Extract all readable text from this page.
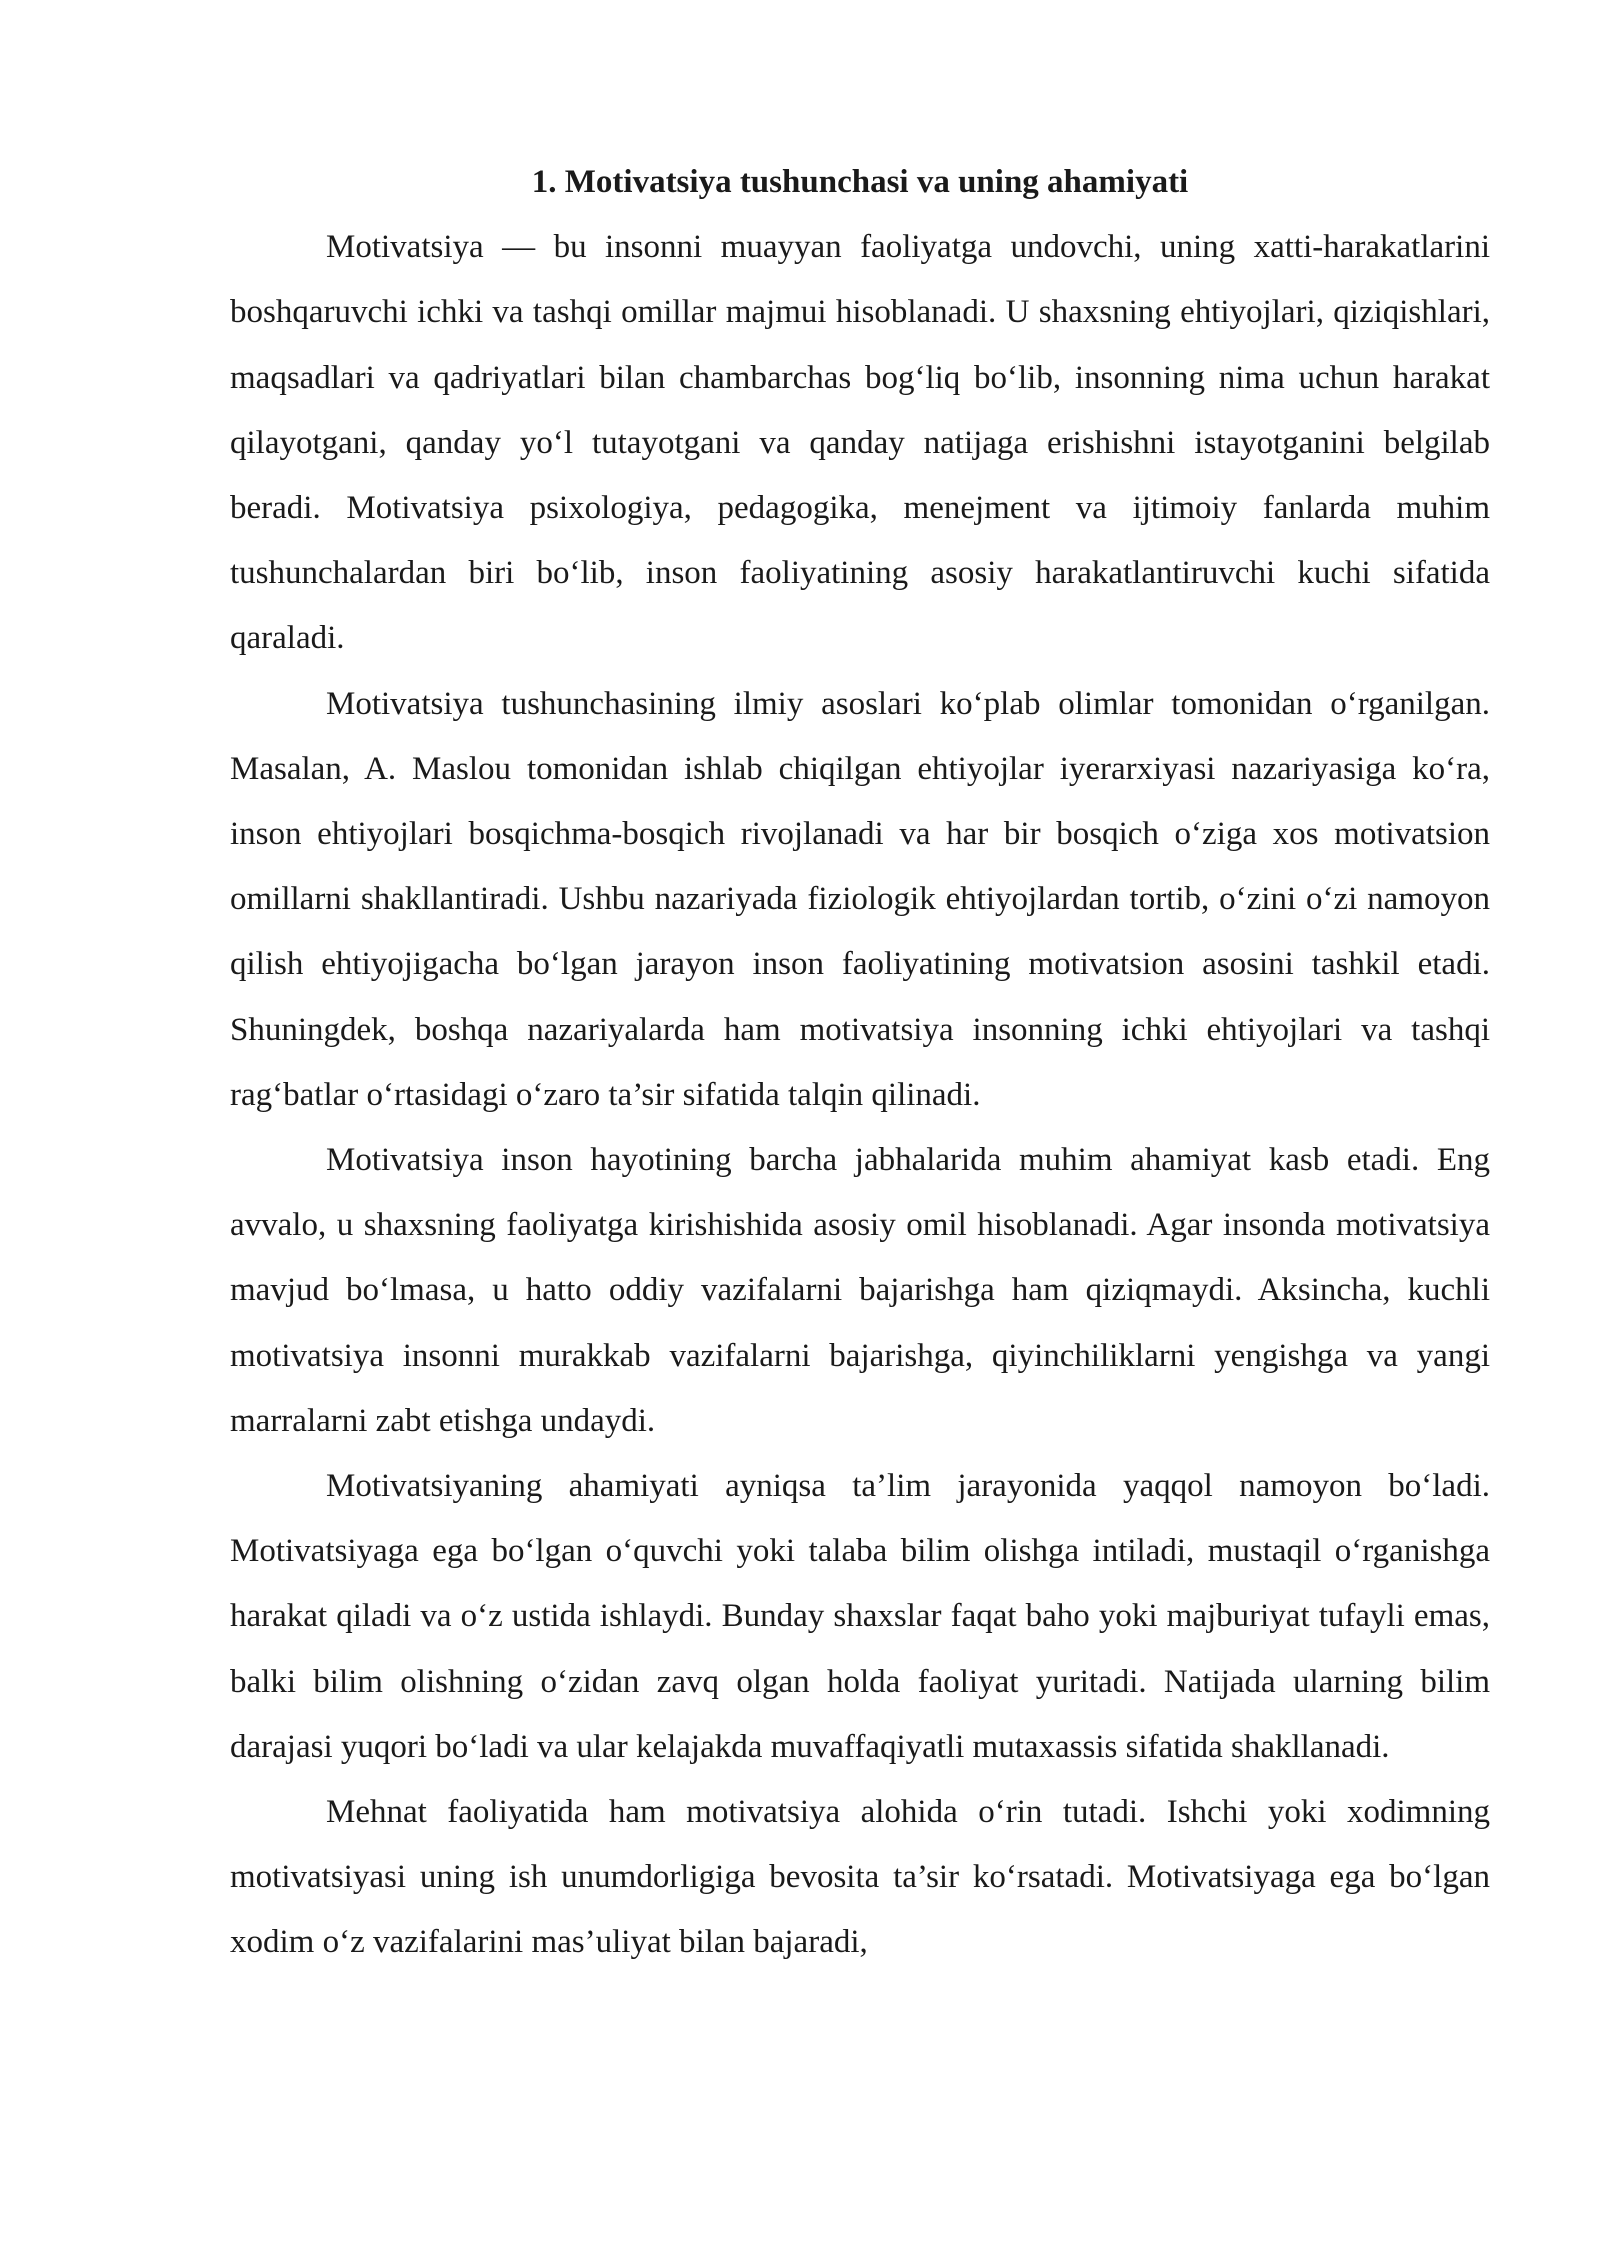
1. Motivatsiya tushunchasi va uning ahamiyati

Motivatsiya — bu insonni muayyan faoliyatga undovchi, uning xatti-harakatlarini boshqaruvchi ichki va tashqi omillar majmui hisoblanadi. U shaxsning ehtiyojlari, qiziqishlari, maqsadlari va qadriyatlari bilan chambarchas bog‘liq bo‘lib, insonning nima uchun harakat qilayotgani, qanday yo‘l tutayotgani va qanday natijaga erishishni istayotganini belgilab beradi. Motivatsiya psixologiya, pedagogika, menejment va ijtimoiy fanlarda muhim tushunchalardan biri bo‘lib, inson faoliyatining asosiy harakatlantiruvchi kuchi sifatida qaraladi.

Motivatsiya tushunchasining ilmiy asoslari ko‘plab olimlar tomonidan o‘rganilgan. Masalan, A. Maslou tomonidan ishlab chiqilgan ehtiyojlar iyerarxiyasi nazariyasiga ko‘ra, inson ehtiyojlari bosqichma-bosqich rivojlanadi va har bir bosqich o‘ziga xos motivatsion omillarni shakllantiradi. Ushbu nazariyada fiziologik ehtiyojlardan tortib, o‘zini o‘zi namoyon qilish ehtiyojigacha bo‘lgan jarayon inson faoliyatining motivatsion asosini tashkil etadi. Shuningdek, boshqa nazariyalarda ham motivatsiya insonning ichki ehtiyojlari va tashqi rag‘batlar o‘rtasidagi o‘zaro ta’sir sifatida talqin qilinadi.

Motivatsiya inson hayotining barcha jabhalarida muhim ahamiyat kasb etadi. Eng avvalo, u shaxsning faoliyatga kirishishida asosiy omil hisoblanadi. Agar insonda motivatsiya mavjud bo‘lmasa, u hatto oddiy vazifalarni bajarishga ham qiziqmaydi. Aksincha, kuchli motivatsiya insonni murakkab vazifalarni bajarishga, qiyinchiliklarni yengishga va yangi marralarni zabt etishga undaydi.

Motivatsiyaning ahamiyati ayniqsa ta’lim jarayonida yaqqol namoyon bo‘ladi. Motivatsiyaga ega bo‘lgan o‘quvchi yoki talaba bilim olishga intiladi, mustaqil o‘rganishga harakat qiladi va o‘z ustida ishlaydi. Bunday shaxslar faqat baho yoki majburiyat tufayli emas, balki bilim olishning o‘zidan zavq olgan holda faoliyat yuritadi. Natijada ularning bilim darajasi yuqori bo‘ladi va ular kelajakda muvaffaqiyatli mutaxassis sifatida shakllanadi.

Mehnat faoliyatida ham motivatsiya alohida o‘rin tutadi. Ishchi yoki xodimning motivatsiyasi uning ish unumdorligiga bevosita ta’sir ko‘rsatadi. Motivatsiyaga ega bo‘lgan xodim o‘z vazifalarini mas’uliyat bilan bajaradi,
